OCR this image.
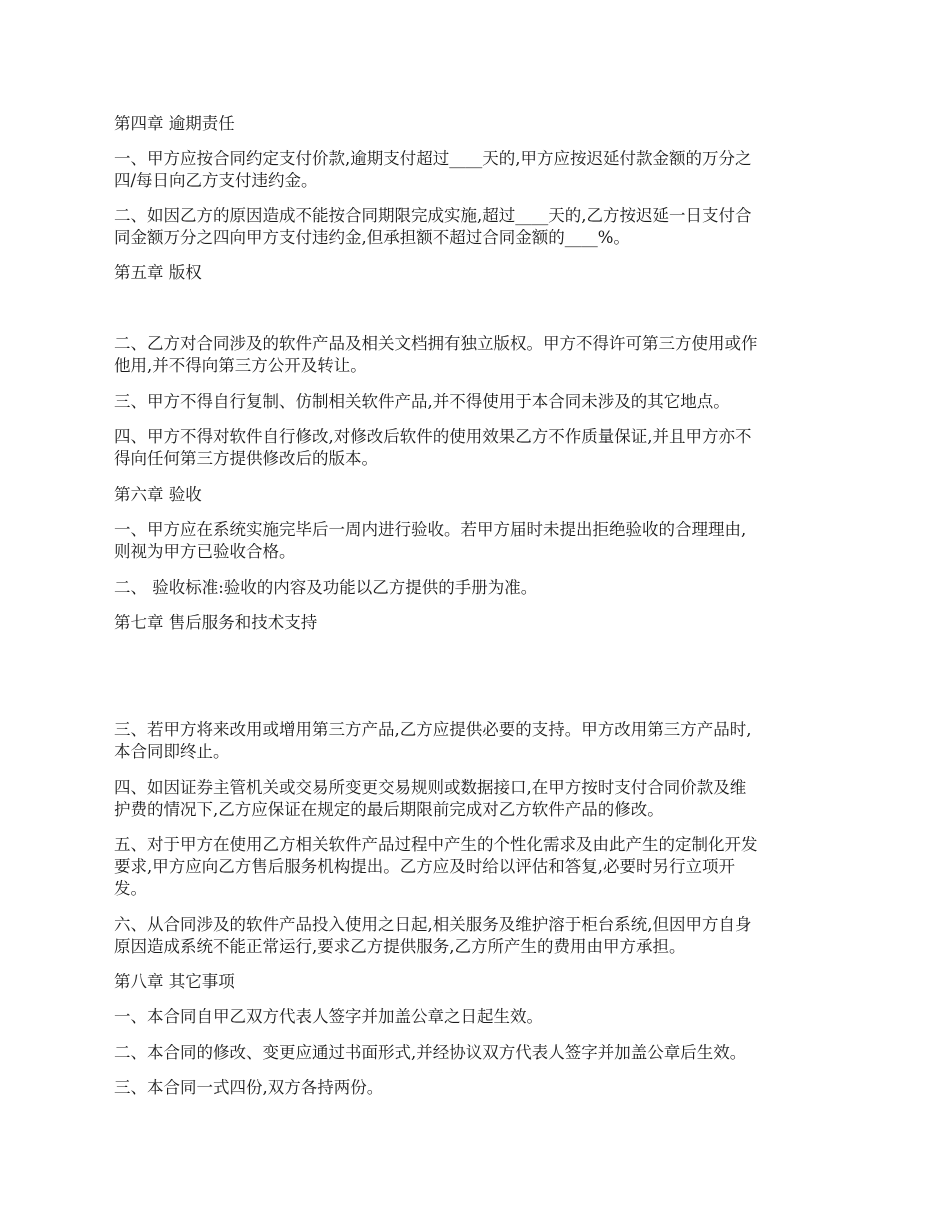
第四章 逾期责任
一、甲方应按合同约定支付价款,逾期支付超过____天的,甲方应按迟延付款金额的万分之
四/每日向乙方支付违约金。
二、如因乙方的原因造成不能按合同期限完成实施,超过____天的,乙方按迟延一日支付合
同金额万分之四向甲方支付违约金,但承担额不超过合同金额的____%。
第五章 版权
二、乙方对合同涉及的软件产品及相关文档拥有独立版权。甲方不得许可第三方使用或作
他用,并不得向第三方公开及转让。
三、甲方不得自行复制、仿制相关软件产品,并不得使用于本合同未涉及的其它地点。
四、甲方不得对软件自行修改,对修改后软件的使用效果乙方不作质量保证,并且甲方亦不
得向任何第三方提供修改后的版本。
第六章 验收
一、甲方应在系统实施完毕后一周内进行验收。若甲方届时未提出拒绝验收的合理理由,
则视为甲方已验收合格。
二、 验收标准:验收的内容及功能以乙方提供的手册为准。
第七章 售后服务和技术支持
三、若甲方将来改用或增用第三方产品,乙方应提供必要的支持。甲方改用第三方产品时,
本合同即终止。
四、如因证券主管机关或交易所变更交易规则或数据接口,在甲方按时支付合同价款及维
护费的情况下,乙方应保证在规定的最后期限前完成对乙方软件产品的修改。
五、对于甲方在使用乙方相关软件产品过程中产生的个性化需求及由此产生的定制化开发
要求,甲方应向乙方售后服务机构提出。乙方应及时给以评估和答复,必要时另行立项开
发。
六、从合同涉及的软件产品投入使用之日起,相关服务及维护溶于柜台系统,但因甲方自身
原因造成系统不能正常运行,要求乙方提供服务,乙方所产生的费用由甲方承担。
第八章 其它事项
一、本合同自甲乙双方代表人签字并加盖公章之日起生效。
二、本合同的修改、变更应通过书面形式,并经协议双方代表人签字并加盖公章后生效。
三、本合同一式四份,双方各持两份。
